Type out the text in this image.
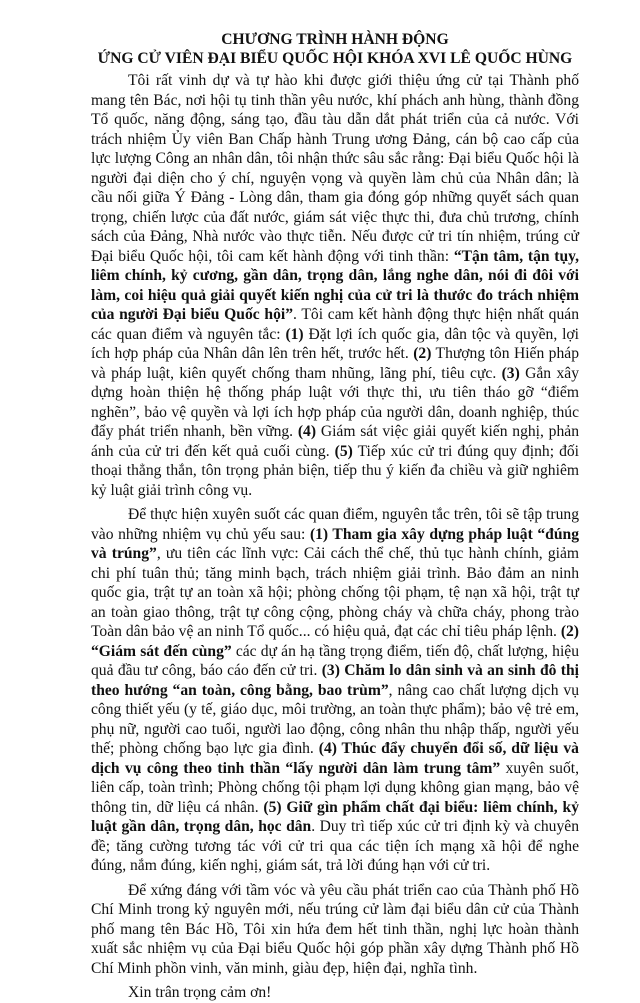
CHƯƠNG TRÌNH HÀNH ĐỘNG

ỨNG CỬ VIÊN ĐẠI BIỂU QUỐC HỘI KHÓA XVI LÊ QUỐC HÙNG

Tôi rất vinh dự và tự hào khi được giới thiệu ứng cử tại Thành phố mang tên Bác, nơi hội tụ tinh thần yêu nước, khí phách anh hùng, thành đồng Tổ quốc, năng động, sáng tạo, đầu tàu dẫn dắt phát triển của cả nước. Với trách nhiệm Ủy viên Ban Chấp hành Trung ương Đảng, cán bộ cao cấp của lực lượng Công an nhân dân, tôi nhận thức sâu sắc rằng: Đại biểu Quốc hội là người đại diện cho ý chí, nguyện vọng và quyền làm chủ của Nhân dân; là cầu nối giữa Ý Đảng - Lòng dân, tham gia đóng góp những quyết sách quan trọng, chiến lược của đất nước, giám sát việc thực thi, đưa chủ trương, chính sách của Đảng, Nhà nước vào thực tiễn. Nếu được cử tri tín nhiệm, trúng cử Đại biểu Quốc hội, tôi cam kết hành động với tinh thần: “Tận tâm, tận tụy, liêm chính, kỷ cương, gần dân, trọng dân, lắng nghe dân, nói đi đôi với làm, coi hiệu quả giải quyết kiến nghị của cử tri là thước đo trách nhiệm của người Đại biểu Quốc hội”. Tôi cam kết hành động thực hiện nhất quán các quan điểm và nguyên tắc: (1) Đặt lợi ích quốc gia, dân tộc và quyền, lợi ích hợp pháp của Nhân dân lên trên hết, trước hết. (2) Thượng tôn Hiến pháp và pháp luật, kiên quyết chống tham nhũng, lãng phí, tiêu cực. (3) Gắn xây dựng hoàn thiện hệ thống pháp luật với thực thi, ưu tiên tháo gỡ “điểm nghẽn”, bảo vệ quyền và lợi ích hợp pháp của người dân, doanh nghiệp, thúc đẩy phát triển nhanh, bền vững. (4) Giám sát việc giải quyết kiến nghị, phản ánh của cử tri đến kết quả cuối cùng. (5) Tiếp xúc cử tri đúng quy định; đối thoại thẳng thắn, tôn trọng phản biện, tiếp thu ý kiến đa chiều và giữ nghiêm kỷ luật giải trình công vụ.

Để thực hiện xuyên suốt các quan điểm, nguyên tắc trên, tôi sẽ tập trung vào những nhiệm vụ chủ yếu sau: (1) Tham gia xây dựng pháp luật “đúng và trúng”, ưu tiên các lĩnh vực: Cải cách thể chế, thủ tục hành chính, giảm chi phí tuân thủ; tăng minh bạch, trách nhiệm giải trình. Bảo đảm an ninh quốc gia, trật tự an toàn xã hội; phòng chống tội phạm, tệ nạn xã hội, trật tự an toàn giao thông, trật tự công cộng, phòng cháy và chữa cháy, phong trào Toàn dân bảo vệ an ninh Tổ quốc... có hiệu quả, đạt các chỉ tiêu pháp lệnh. (2) “Giám sát đến cùng” các dự án hạ tầng trọng điểm, tiến độ, chất lượng, hiệu quả đầu tư công, báo cáo đến cử tri. (3) Chăm lo dân sinh và an sinh đô thị theo hướng “an toàn, công bằng, bao trùm”, nâng cao chất lượng dịch vụ công thiết yếu (y tế, giáo dục, môi trường, an toàn thực phẩm); bảo vệ trẻ em, phụ nữ, người cao tuổi, người lao động, công nhân thu nhập thấp, người yếu thế; phòng chống bạo lực gia đình. (4) Thúc đẩy chuyển đổi số, dữ liệu và dịch vụ công theo tinh thần “lấy người dân làm trung tâm” xuyên suốt, liên cấp, toàn trình; Phòng chống tội phạm lợi dụng không gian mạng, bảo vệ thông tin, dữ liệu cá nhân. (5) Giữ gìn phẩm chất đại biểu: liêm chính, kỷ luật gần dân, trọng dân, học dân. Duy trì tiếp xúc cử tri định kỳ và chuyên đề; tăng cường tương tác với cử tri qua các tiện ích mạng xã hội để nghe đúng, nắm đúng, kiến nghị, giám sát, trả lời đúng hạn với cử tri.

Để xứng đáng với tầm vóc và yêu cầu phát triển cao của Thành phố Hồ Chí Minh trong kỷ nguyên mới, nếu trúng cử làm đại biểu dân cử của Thành phố mang tên Bác Hồ, Tôi xin hứa đem hết tinh thần, nghị lực hoàn thành xuất sắc nhiệm vụ của Đại biểu Quốc hội góp phần xây dựng Thành phố Hồ Chí Minh phồn vinh, văn minh, giàu đẹp, hiện đại, nghĩa tình.

Xin trân trọng cảm ơn!
